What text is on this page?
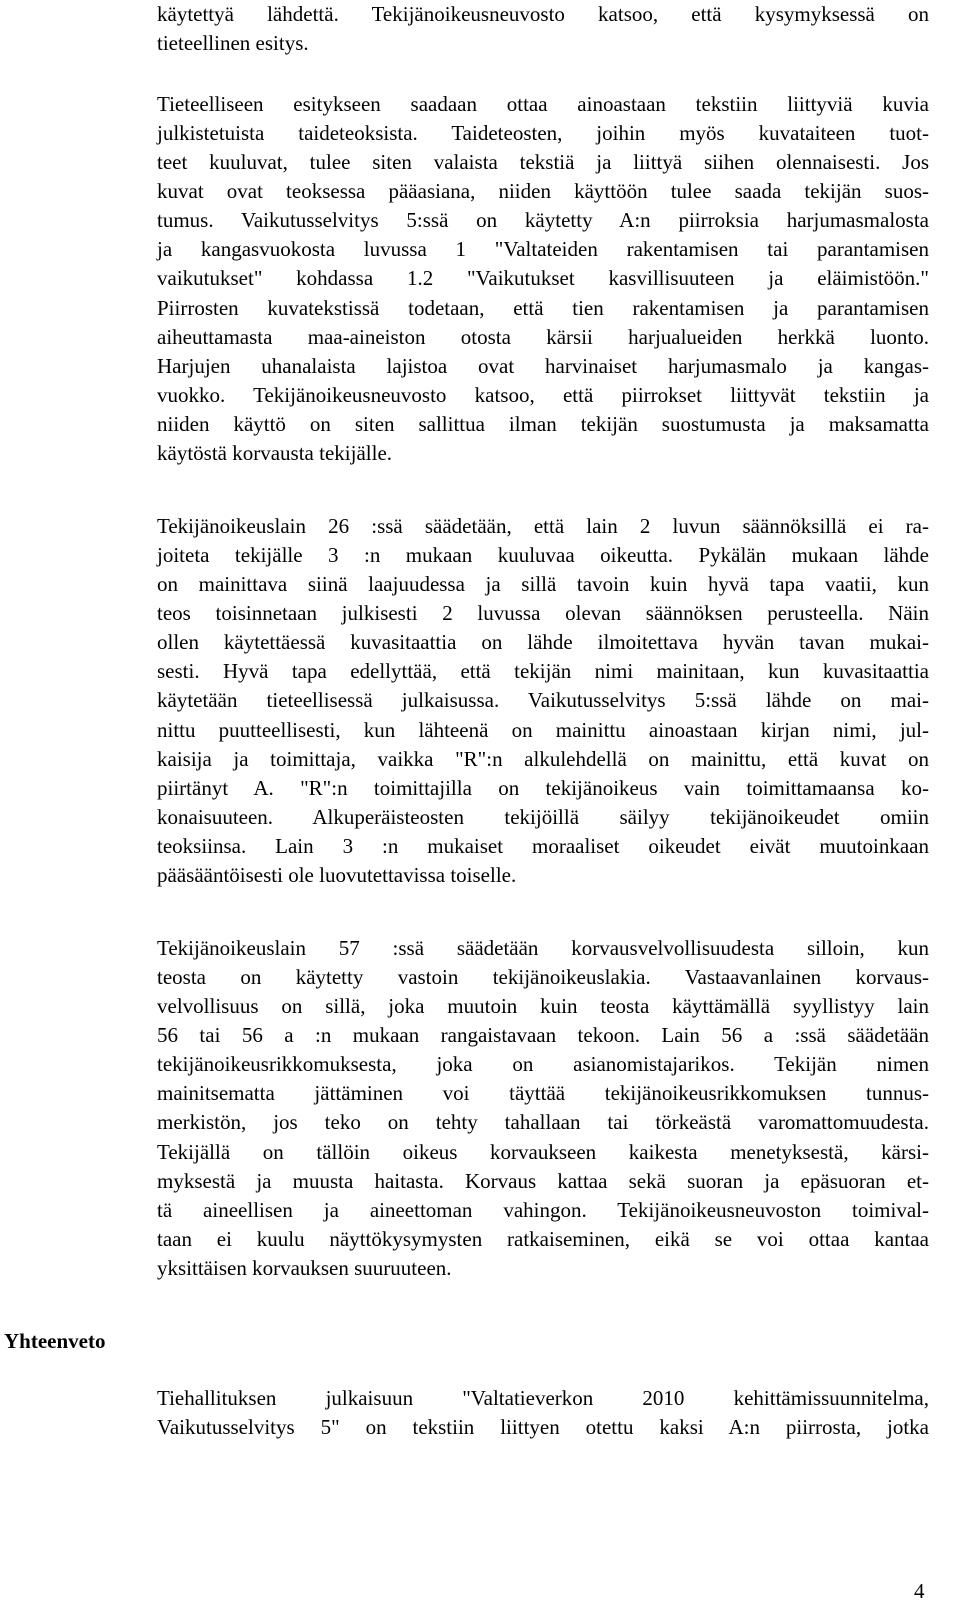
käytettyä lähdettä. Tekijänoikeusneuvosto katsoo, että kysymyksessä on

tieteellinen esitys.

Tieteelliseen esitykseen saadaan ottaa ainoastaan tekstiin liittyviä kuvia

julkistetuista taideteoksista. Taideteosten, joihin myös kuvataiteen tuot-

teet kuuluvat, tulee siten valaista tekstiä ja liittyä siihen olennaisesti. Jos

kuvat ovat teoksessa pääasiana, niiden käyttöön tulee saada tekijän suos-

tumus. Vaikutusselvitys 5:ssä on käytetty A:n piirroksia harjumasmalosta

ja kangasvuokosta luvussa 1 "Valtateiden rakentamisen tai parantamisen

vaikutukset" kohdassa 1.2 "Vaikutukset kasvillisuuteen ja eläimistöön."

Piirrosten kuvatekstissä todetaan, että tien rakentamisen ja parantamisen

aiheuttamasta maa-aineiston otosta kärsii harjualueiden herkkä luonto.

Harjujen uhanalaista lajistoa ovat harvinaiset harjumasmalo ja kangas-

vuokko. Tekijänoikeusneuvosto katsoo, että piirrokset liittyvät tekstiin ja

niiden käyttö on siten sallittua ilman tekijän suostumusta ja maksamatta

käytöstä korvausta tekijälle.

Tekijänoikeuslain 26 :ssä säädetään, että lain 2 luvun säännöksillä ei ra-

joiteta tekijälle 3 :n mukaan kuuluvaa oikeutta. Pykälän mukaan lähde

on mainittava siinä laajuudessa ja sillä tavoin kuin hyvä tapa vaatii, kun

teos toisinnetaan julkisesti 2 luvussa olevan säännöksen perusteella. Näin

ollen käytettäessä kuvasitaattia on lähde ilmoitettava hyvän tavan mukai-

sesti. Hyvä tapa edellyttää, että tekijän nimi mainitaan, kun kuvasitaattia

käytetään tieteellisessä julkaisussa. Vaikutusselvitys 5:ssä lähde on mai-

nittu puutteellisesti, kun lähteenä on mainittu ainoastaan kirjan nimi, jul-

kaisija ja toimittaja, vaikka "R":n alkulehdellä on mainittu, että kuvat on

piirtänyt A. "R":n toimittajilla on tekijänoikeus vain toimittamaansa ko-

konaisuuteen. Alkuperäisteosten tekijöillä säilyy tekijänoikeudet omiin

teoksiinsa. Lain 3 :n mukaiset moraaliset oikeudet eivät muutoinkaan

pääsääntöisesti ole luovutettavissa toiselle.

Tekijänoikeuslain 57 :ssä säädetään korvausvelvollisuudesta silloin, kun

teosta on käytetty vastoin tekijänoikeuslakia. Vastaavanlainen korvaus-

velvollisuus on sillä, joka muutoin kuin teosta käyttämällä syyllistyy lain

56 tai 56 a :n mukaan rangaistavaan tekoon. Lain 56 a :ssä säädetään

tekijänoikeusrikkomuksesta, joka on asianomistajarikos. Tekijän nimen

mainitsematta jättäminen voi täyttää tekijänoikeusrikkomuksen tunnus-

merkistön, jos teko on tehty tahallaan tai törkeästä varomattomuudesta.

Tekijällä on tällöin oikeus korvaukseen kaikesta menetyksestä, kärsi-

myksestä ja muusta haitasta. Korvaus kattaa sekä suoran ja epäsuoran et-

tä aineellisen ja aineettoman vahingon. Tekijänoikeusneuvoston toimival-

taan ei kuulu näyttökysymysten ratkaiseminen, eikä se voi ottaa kantaa

yksittäisen korvauksen suuruuteen.

Yhteenveto

Tiehallituksen julkaisuun "Valtatieverkon 2010 kehittämissuunnitelma,

Vaikutusselvitys 5" on tekstiin liittyen otettu kaksi A:n piirrosta, jotka

4
